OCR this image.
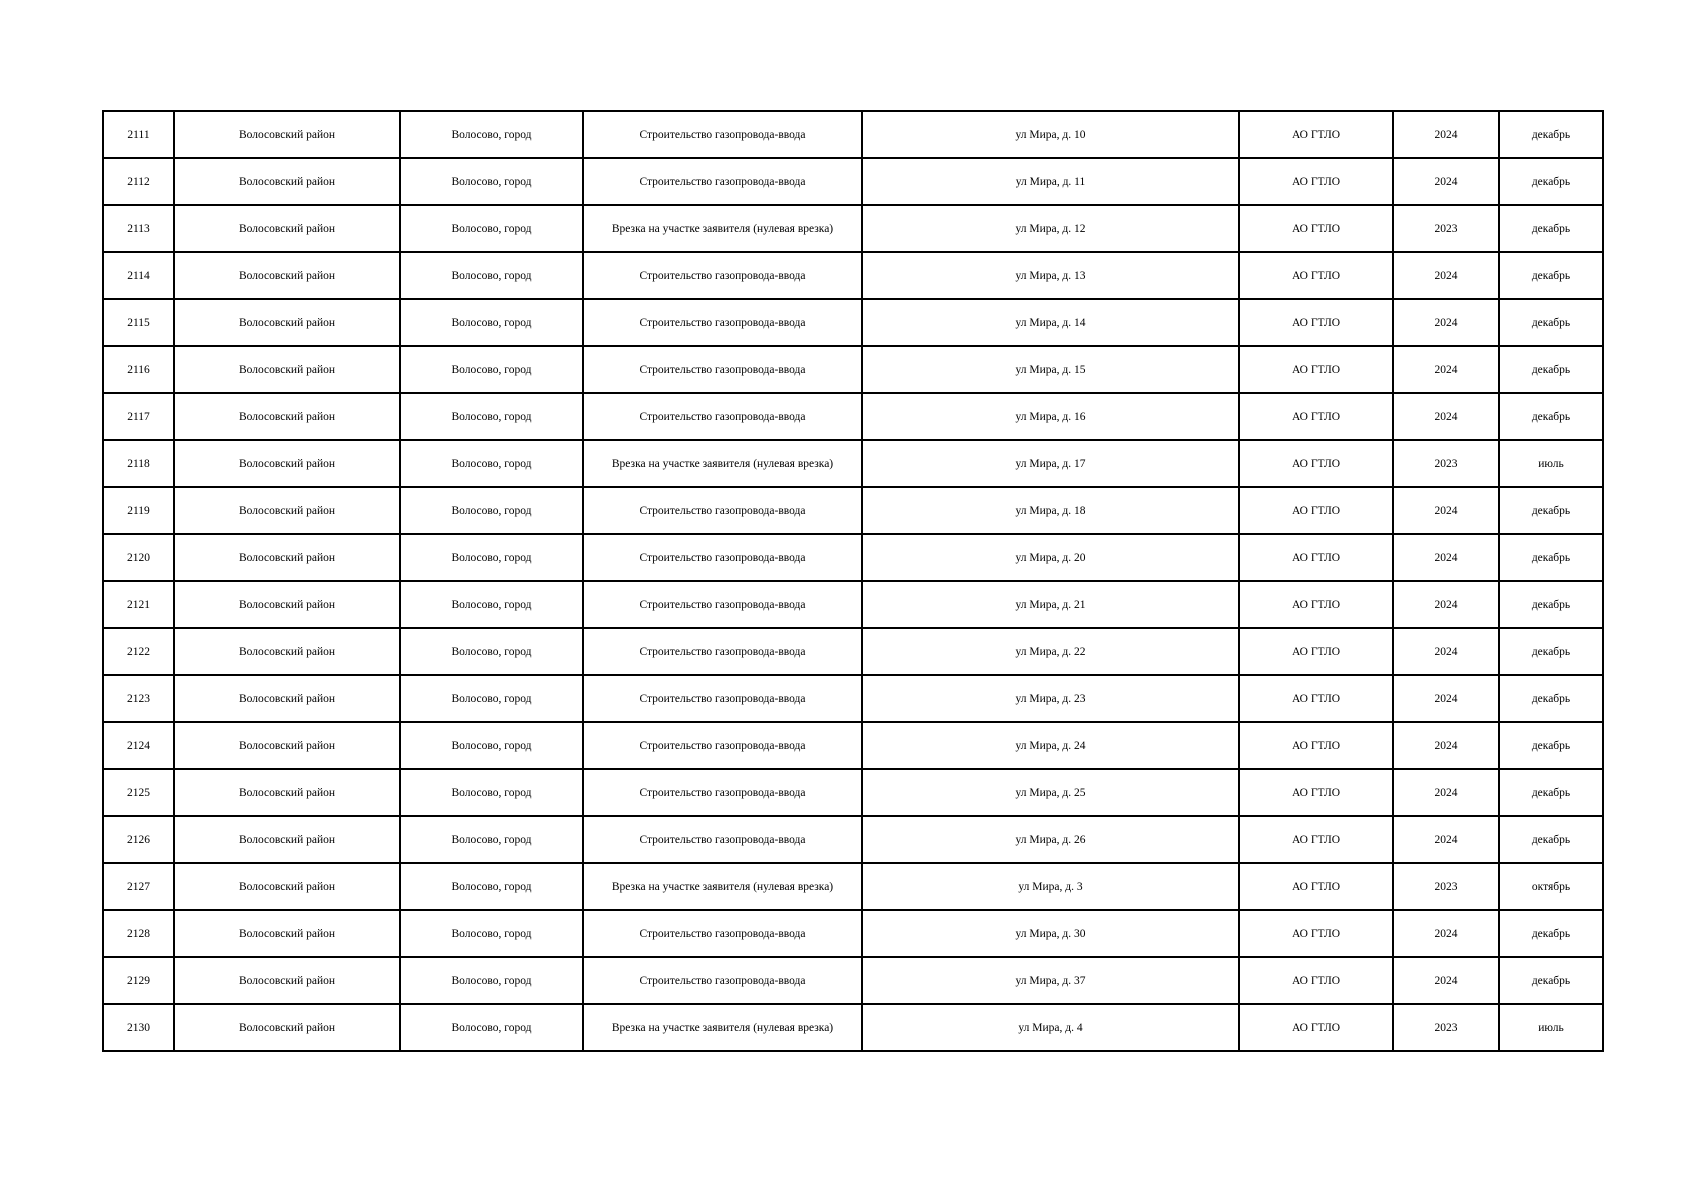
2111	Волосовский район	Волосово, город	Строительство газопровода-ввода	ул Мира, д. 10	АО ГТЛО	2024	декабрь
2112	Волосовский район	Волосово, город	Строительство газопровода-ввода	ул Мира, д. 11	АО ГТЛО	2024	декабрь
2113	Волосовский район	Волосово, город	Врезка на участке заявителя (нулевая врезка)	ул Мира, д. 12	АО ГТЛО	2023	декабрь
2114	Волосовский район	Волосово, город	Строительство газопровода-ввода	ул Мира, д. 13	АО ГТЛО	2024	декабрь
2115	Волосовский район	Волосово, город	Строительство газопровода-ввода	ул Мира, д. 14	АО ГТЛО	2024	декабрь
2116	Волосовский район	Волосово, город	Строительство газопровода-ввода	ул Мира, д. 15	АО ГТЛО	2024	декабрь
2117	Волосовский район	Волосово, город	Строительство газопровода-ввода	ул Мира, д. 16	АО ГТЛО	2024	декабрь
2118	Волосовский район	Волосово, город	Врезка на участке заявителя (нулевая врезка)	ул Мира, д. 17	АО ГТЛО	2023	июль
2119	Волосовский район	Волосово, город	Строительство газопровода-ввода	ул Мира, д. 18	АО ГТЛО	2024	декабрь
2120	Волосовский район	Волосово, город	Строительство газопровода-ввода	ул Мира, д. 20	АО ГТЛО	2024	декабрь
2121	Волосовский район	Волосово, город	Строительство газопровода-ввода	ул Мира, д. 21	АО ГТЛО	2024	декабрь
2122	Волосовский район	Волосово, город	Строительство газопровода-ввода	ул Мира, д. 22	АО ГТЛО	2024	декабрь
2123	Волосовский район	Волосово, город	Строительство газопровода-ввода	ул Мира, д. 23	АО ГТЛО	2024	декабрь
2124	Волосовский район	Волосово, город	Строительство газопровода-ввода	ул Мира, д. 24	АО ГТЛО	2024	декабрь
2125	Волосовский район	Волосово, город	Строительство газопровода-ввода	ул Мира, д. 25	АО ГТЛО	2024	декабрь
2126	Волосовский район	Волосово, город	Строительство газопровода-ввода	ул Мира, д. 26	АО ГТЛО	2024	декабрь
2127	Волосовский район	Волосово, город	Врезка на участке заявителя (нулевая врезка)	ул Мира, д. 3	АО ГТЛО	2023	октябрь
2128	Волосовский район	Волосово, город	Строительство газопровода-ввода	ул Мира, д. 30	АО ГТЛО	2024	декабрь
2129	Волосовский район	Волосово, город	Строительство газопровода-ввода	ул Мира, д. 37	АО ГТЛО	2024	декабрь
2130	Волосовский район	Волосово, город	Врезка на участке заявителя (нулевая врезка)	ул Мира, д. 4	АО ГТЛО	2023	июль
